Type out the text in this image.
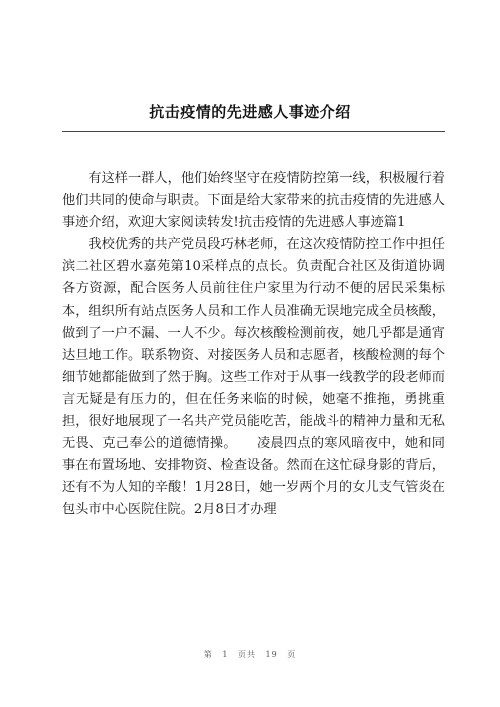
抗击疫情的先进感人事迹介绍

有这样一群人，他们始终坚守在疫情防控第一线，积极履行着他们共同的使命与职责。下面是给大家带来的抗击疫情的先进感人事迹介绍，欢迎大家阅读转发!抗击疫情的先进感人事迹篇1

我校优秀的共产党员段巧林老师，在这次疫情防控工作中担任滨二社区碧水嘉苑第10采样点的点长。负责配合社区及街道协调各方资源，配合医务人员前往住户家里为行动不便的居民采集标本，组织所有站点医务人员和工作人员准确无误地完成全员核酸，做到了一户不漏、一人不少。每次核酸检测前夜，她几乎都是通宵达旦地工作。联系物资、对接医务人员和志愿者，核酸检测的每个细节她都能做到了然于胸。这些工作对于从事一线教学的段老师而言无疑是有压力的，但在任务来临的时候，她毫不推拖，勇挑重担，很好地展现了一名共产党员能吃苦，能战斗的精神力量和无私无畏、克己奉公的道德情操。　　凌晨四点的寒风暗夜中，她和同事在布置场地、安排物资、检查设备。然而在这忙碌身影的背后，还有不为人知的辛酸！1月28日，她一岁两个月的女儿支气管炎在包头市中心医院住院。2月8日才办理

第 1 页共 19 页
